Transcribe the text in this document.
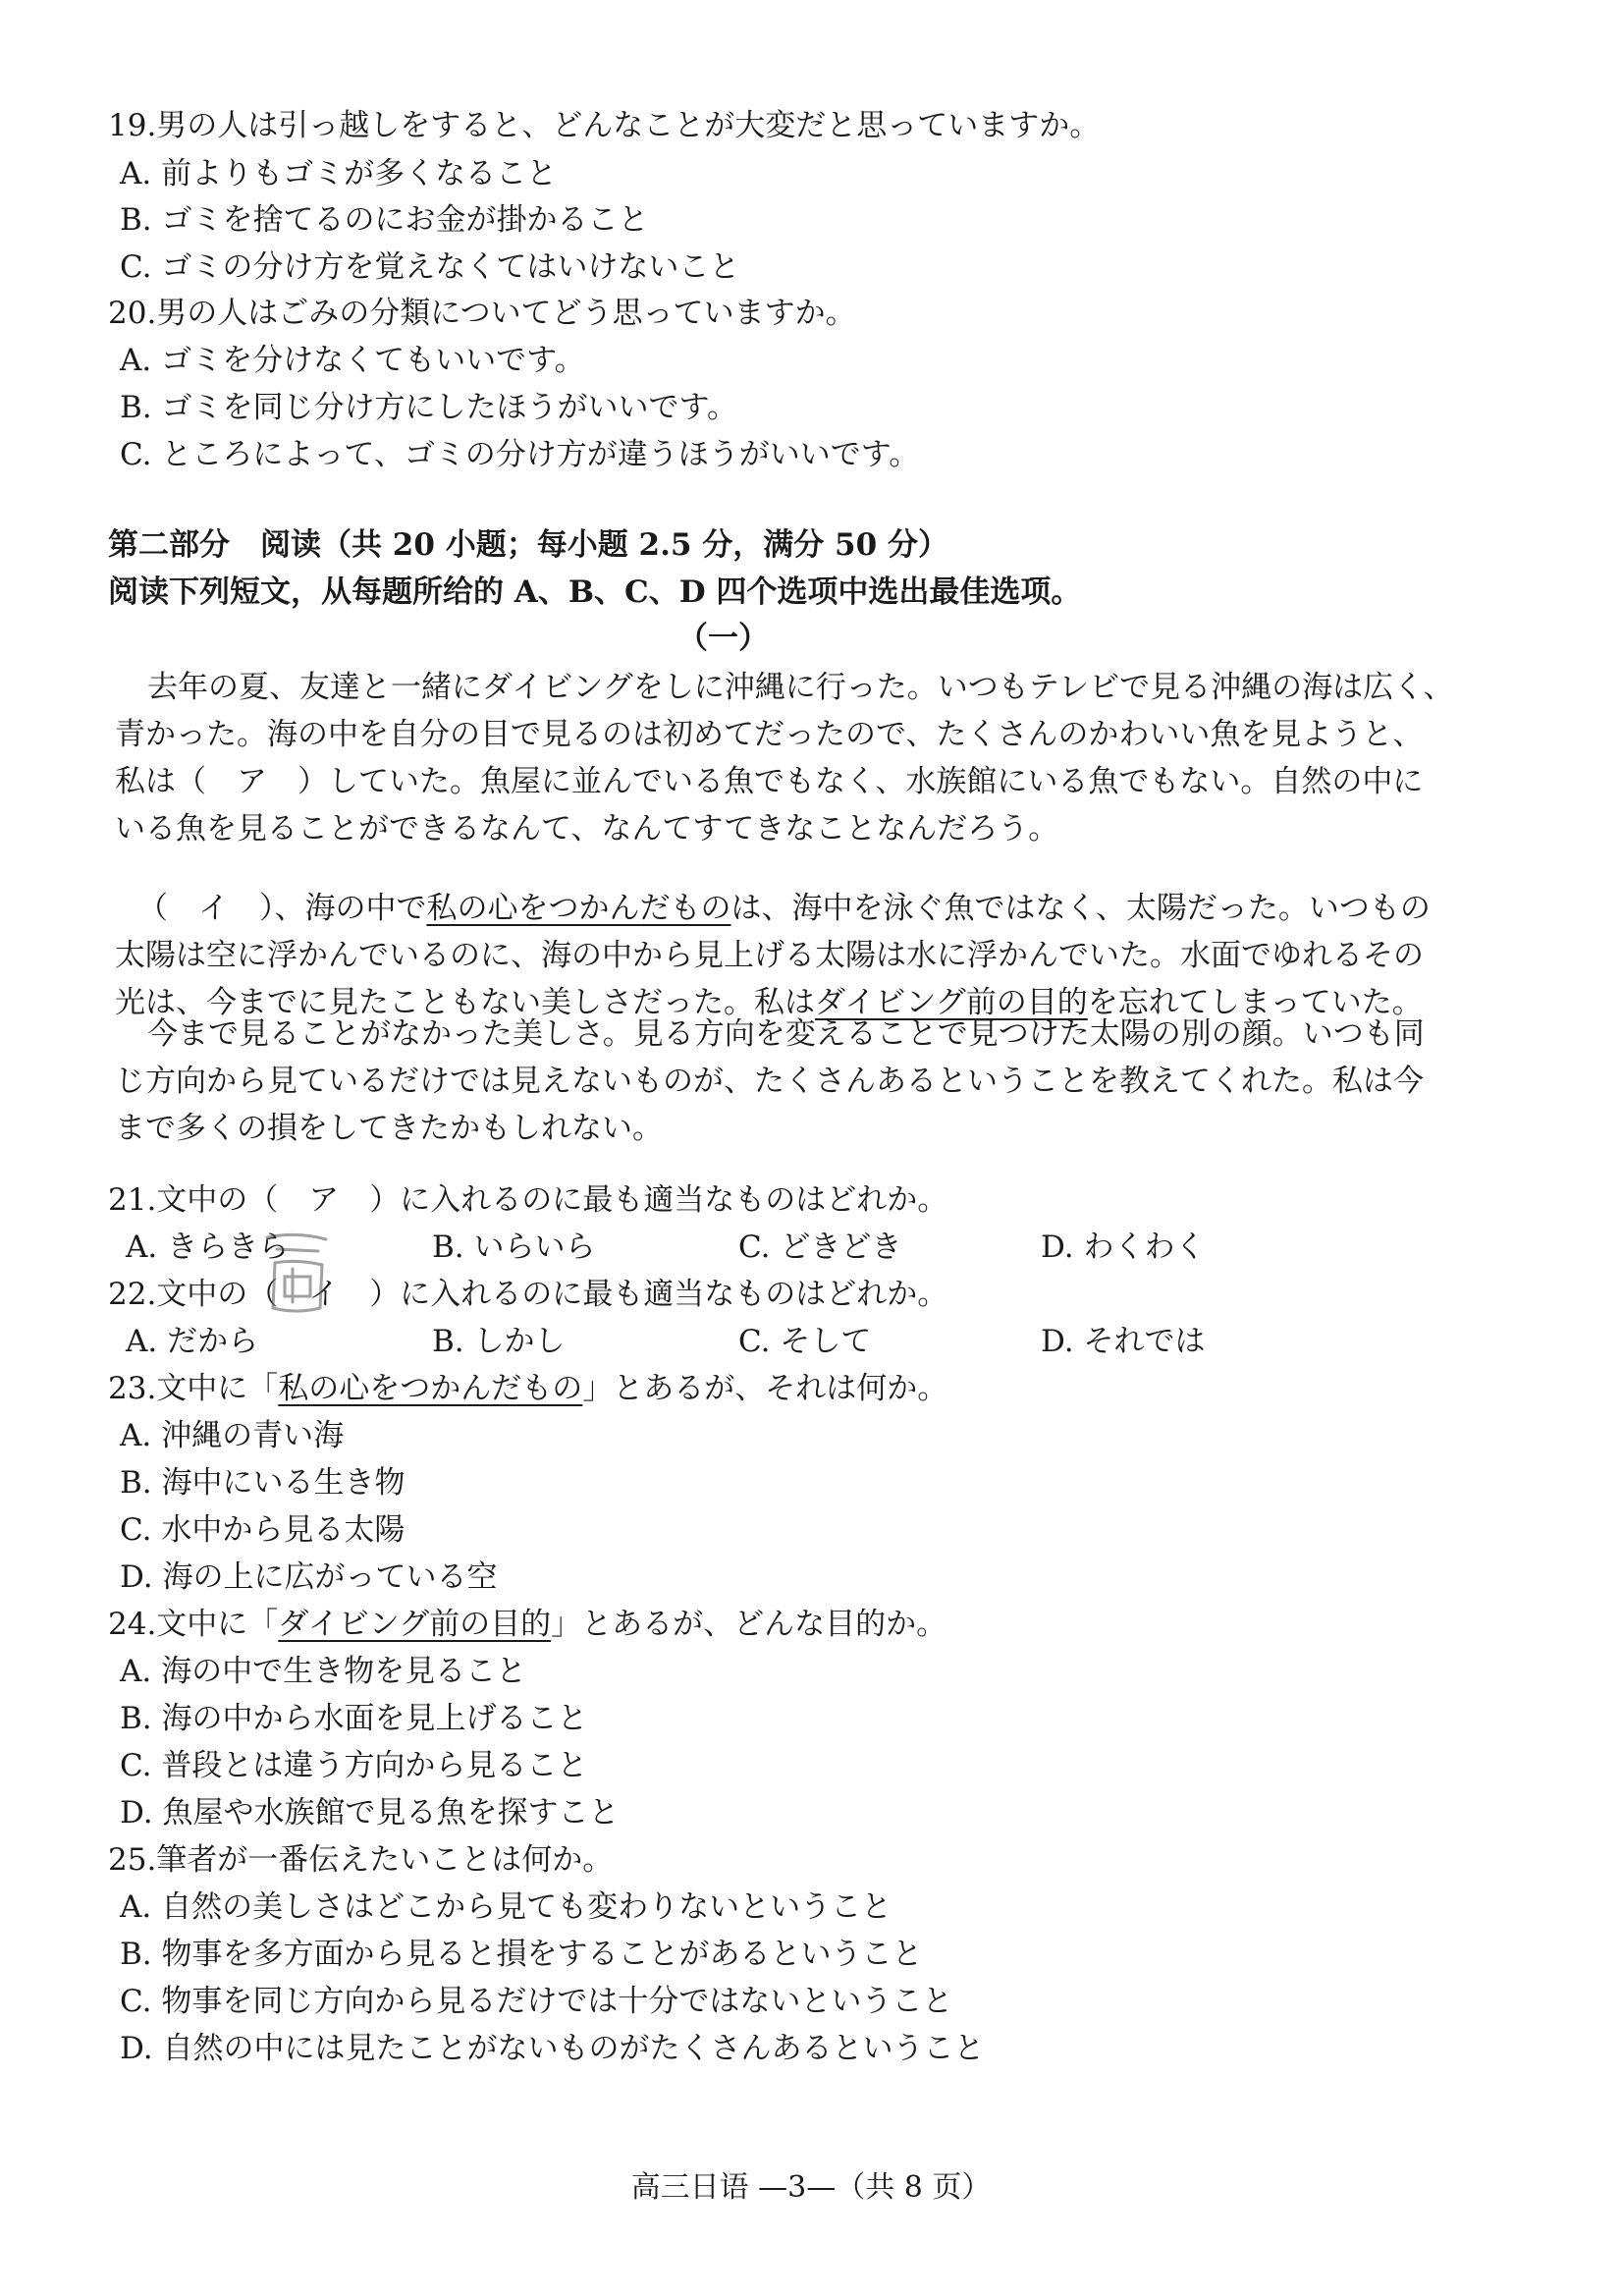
19.男の人は引っ越しをすると、どんなことが大変だと思っていますか。
A. 前よりもゴミが多くなること
B. ゴミを捨てるのにお金が掛かること
C. ゴミの分け方を覚えなくてはいけないこと
20.男の人はごみの分類についてどう思っていますか。
A. ゴミを分けなくてもいいです。
B. ゴミを同じ分け方にしたほうがいいです。
C. ところによって、ゴミの分け方が違うほうがいいです。
第二部分　阅读（共 20 小题；每小题 2.5 分，满分 50 分）
阅读下列短文，从每题所给的 A、B、C、D 四个选项中选出最佳选项。
（一）
去年の夏、友達と一緒にダイビングをしに沖縄に行った。いつもテレビで見る沖縄の海は広く、
青かった。海の中を自分の目で見るのは初めてだったので、たくさんのかわいい魚を見ようと、
私は（　ア　）していた。魚屋に並んでいる魚でもなく、水族館にいる魚でもない。自然の中に
いる魚を見ることができるなんて、なんてすてきなことなんだろう。
（　イ　）、海の中で私の心をつかんだものは、海中を泳ぐ魚ではなく、太陽だった。いつもの
太陽は空に浮かんでいるのに、海の中から見上げる太陽は水に浮かんでいた。水面でゆれるその
光は、今までに見たこともない美しさだった。私はダイビング前の目的を忘れてしまっていた。
今まで見ることがなかった美しさ。見る方向を変えることで見つけた太陽の別の顔。いつも同
じ方向から見ているだけでは見えないものが、たくさんあるということを教えてくれた。私は今
まで多くの損をしてきたかもしれない。
21.文中の（　ア　）に入れるのに最も適当なものはどれか。
A. きらきら	B. いらいら	C. どきどき	D. わくわく
22.文中の（　イ　）に入れるのに最も適当なものはどれか。
A. だから	B. しかし	C. そして	D. それでは
23.文中に「私の心をつかんだもの」とあるが、それは何か。
A. 沖縄の青い海
B. 海中にいる生き物
C. 水中から見る太陽
D. 海の上に広がっている空
24.文中に「ダイビング前の目的」とあるが、どんな目的か。
A. 海の中で生き物を見ること
B. 海の中から水面を見上げること
C. 普段とは違う方向から見ること
D. 魚屋や水族館で見る魚を探すこと
25.筆者が一番伝えたいことは何か。
A. 自然の美しさはどこから見ても変わりないということ
B. 物事を多方面から見ると損をすることがあるということ
C. 物事を同じ方向から見るだけでは十分ではないということ
D. 自然の中には見たことがないものがたくさんあるということ
高三日语 —3—（共 8 页）
